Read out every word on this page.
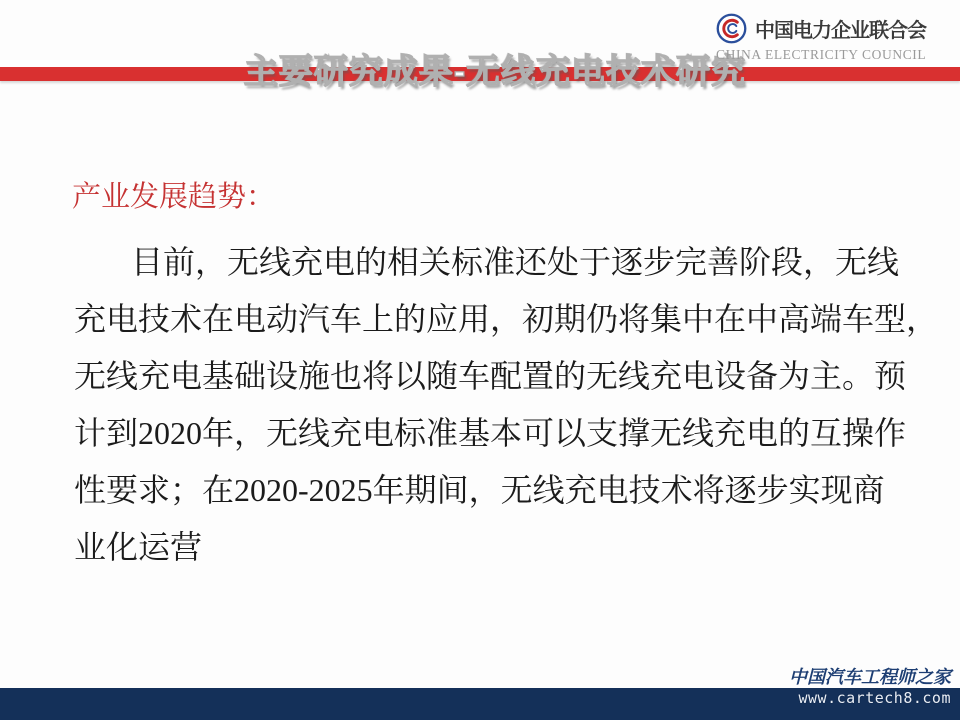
主要研究成果-无线充电技术研究
中国电力企业联合会
CHINA ELECTRICITY COUNCIL
产业发展趋势：
目前，无线充电的相关标准还处于逐步完善阶段，无线
充电技术在电动汽车上的应用，初期仍将集中在中高端车型，
无线充电基础设施也将以随车配置的无线充电设备为主。预
计到2020年，无线充电标准基本可以支撑无线充电的互操作
性要求；在2020-2025年期间，无线充电技术将逐步实现商
业化运营
中国汽车工程师之家
www.cartech8.com
